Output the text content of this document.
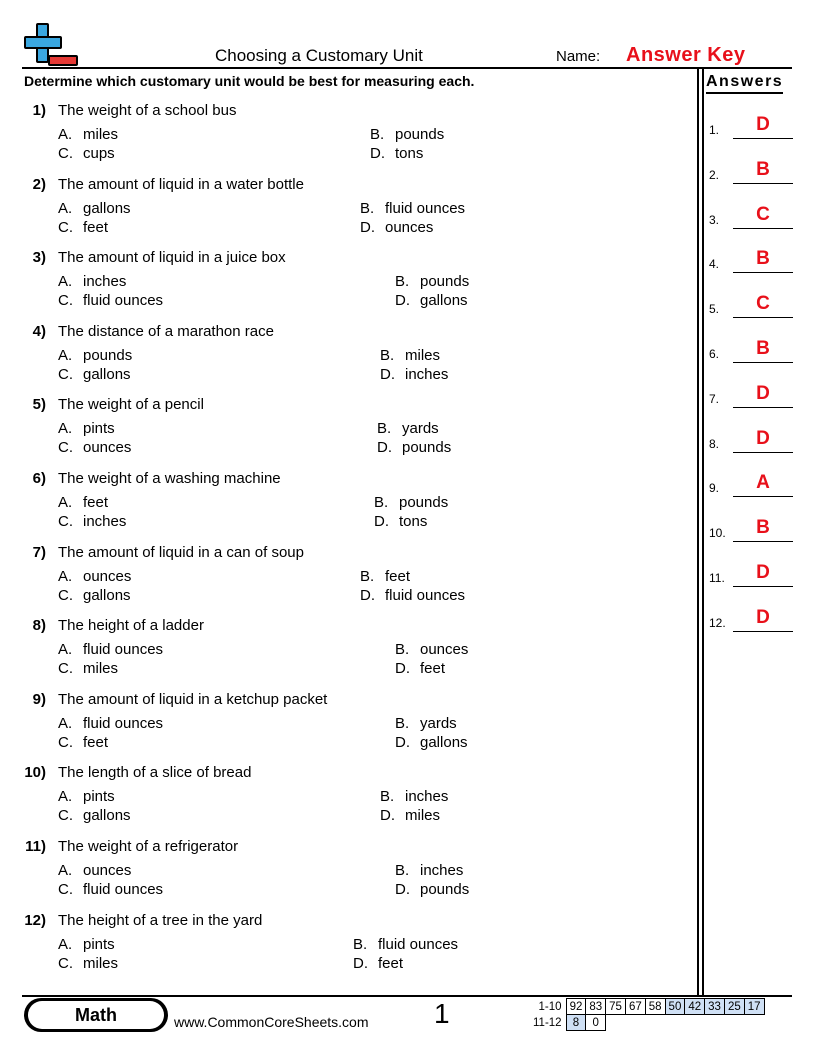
Choosing a Customary Unit	Name: Answer Key
Determine which customary unit would be best for measuring each.	Answers
1) The weight of a school bus
A. miles	B. pounds
C. cups	D. tons
2) The amount of liquid in a water bottle
A. gallons	B. fluid ounces
C. feet	D. ounces
3) The amount of liquid in a juice box
A. inches	B. pounds
C. fluid ounces	D. gallons
4) The distance of a marathon race
A. pounds	B. miles
C. gallons	D. inches
5) The weight of a pencil
A. pints	B. yards
C. ounces	D. pounds
6) The weight of a washing machine
A. feet	B. pounds
C. inches	D. tons
7) The amount of liquid in a can of soup
A. ounces	B. feet
C. gallons	D. fluid ounces
8) The height of a ladder
A. fluid ounces	B. ounces
C. miles	D. feet
9) The amount of liquid in a ketchup packet
A. fluid ounces	B. yards
C. feet	D. gallons
10) The length of a slice of bread
A. pints	B. inches
C. gallons	D. miles
11) The weight of a refrigerator
A. ounces	B. inches
C. fluid ounces	D. pounds
12) The height of a tree in the yard
A. pints	B. fluid ounces
C. miles	D. feet
1.	D
2.	B
3.	C
4.	B
5.	C
6.	B
7.	D
8.	D
9.	A
10.	B
11.	D
12.	D
Math	www.CommonCoreSheets.com 1	1-10	92	83	75	67	58	50	42	33	25	17
11-12	8	0								
